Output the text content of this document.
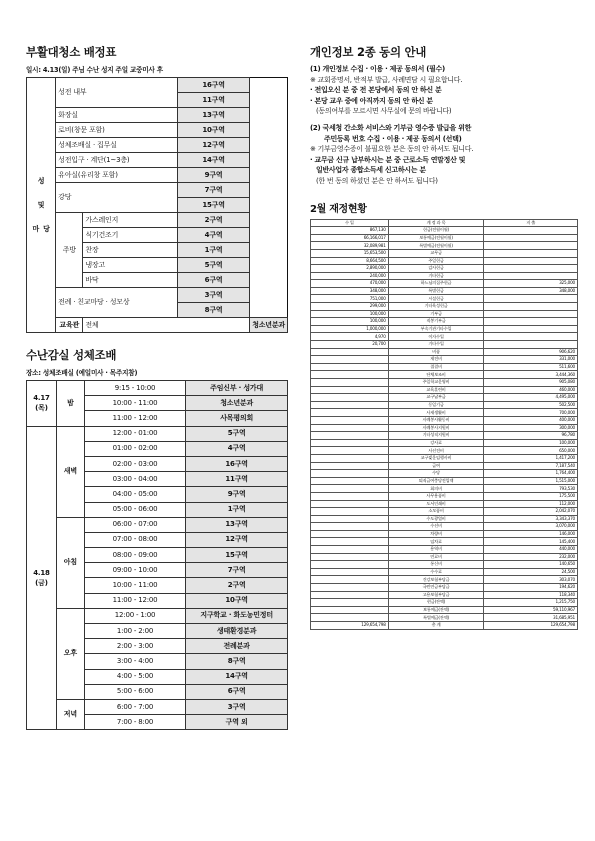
부활대청소 배정표
일시: 4.13(일) 주님 수난 성지 주일 교중미사 후
성
및
마 당	성전 내부		16구역	
			11구역	
	화장실		13구역	
	로비(창문 포함)		10구역	
	성체조배실 · 집무실		12구역	
	성전입구 · 계단(1~3층)		14구역	
	유아실(유리창 포함)		9구역	
	강당		7구역	
			15구역	
	주방	가스레인지	2구역	
		식기건조기	4구역	
		찬장	1구역	
		냉장고	5구역	
		바닥	6구역	
	전례 · 친교마당 · 성모상		3구역	
			8구역	
	교육관	전체		청소년분과
수난감실 성체조배
장소: 성체조배실 (예일미사 · 목주지참)
4.17
(목)	밤	9:15 - 10:00	주임신부 · 성가대
		10:00 - 11:00	청소년분과
		11:00 - 12:00	사목평의회
4.18
(금)	새벽	12:00 - 01:00	5구역
		01:00 - 02:00	4구역
		02:00 - 03:00	16구역
		03:00 - 04:00	11구역
		04:00 - 05:00	9구역
		05:00 - 06:00	1구역
	아침	06:00 - 07:00	13구역
		07:00 - 08:00	12구역
		08:00 - 09:00	15구역
		09:00 - 10:00	7구역
		10:00 - 11:00	2구역
		11:00 - 12:00	10구역
	오후	12:00 - 1:00	지구학교 · 화도농민정터
		1:00 - 2:00	생태환경분과
		2:00 - 3:00	전례분과
		3:00 - 4:00	8구역
		4:00 - 5:00	14구역
		5:00 - 6:00	6구역
	저녁	6:00 - 7:00	3구역
		7:00 - 8:00	구역 외
개인정보 2종 동의 안내

(1) 개인정보 수집 · 이용 · 제공 동의서 (필수)

※ 교회증명서, 반적부 발급, 사례면담 시 필요합니다.

· 전입오신 분 중 전 본당에서 동의 안 하신 분

· 본당 교우 중에 아직까지 동의 안 하신 분

(동의여부를 모르시면 사무실에 문의 바랍니다)

(2) 국세청 간소화 서비스와 기부금 영수증 발급을 위한

주민등록 번호 수집 · 이용 · 제공 동의서 (선택)

※ 기부금영수증이 불필요한 분은 동의 안 하셔도 됩니다.

· 교무금 신규 납부하시는 분 중 근로소득 연말정산 및

일반사업자 종합소득세 신고하시는 분

(한 번 동의 하셨던 분은 안 하셔도 됩니다)

2월 재정현황
수 입	계 정 과 목	지 출
867,130	헌금(전월이월)	
66,166,017	보통예금(전월이월)	
32,089,981	특별예금(전월이월)	
15,653,500	교무금	
8,664,500	주일헌금	
2,890,000	감사헌금	
240,000	기타헌금	
470,000	하느님의집주헌금	325,000
348,000	특별헌금	348,000
751,000	시설헌금	
299,000	기타육성헌금	
100,000	기부금	
100,000	직봉기부금	
1,000,000	부속기관기타수입	
4,970	이자수입	
20,700	기타수입	
	비품	906,620
	제전비	331,000
	접결비	511,600
	단체보조비	3,444,360
	주일학교운영비	905,080
	교육훈련비	460,000
	교구납부금	4,495,000
	동일기금	502,500
	사제생활비	700,000
	사례봉사활동비	400,000
	사례봉사지원비	300,000
	기타성직지원비	96,780
	강사료	100,000
	사선전비	650,000
	교구빚운임행사비	1,417,200
	급여	7,187,540
	수당	1,764,400
	퇴직급여충당전입액	1,515,000
	회의비	793,530
	사무용품비	175,500
	도서인쇄비	112,000
	소모품비	2,042,070
	수도광열비	3,343,370
	수선비	3,070,000
	차량비	146,000
	임차료	145,400
	용역비	440,000
	연료비	232,000
	통신비	140,650
	수수료	24,500
	건강보험부담금	303,070
	국민연금부담금	194,620
	고용보험부담금	118,340
	현금(잔액)	1,215,750
	보통예금(잔액)	59,110,967
	특별예금(잔액)	31,685,951
129,654,798	총 계	129,654,798
